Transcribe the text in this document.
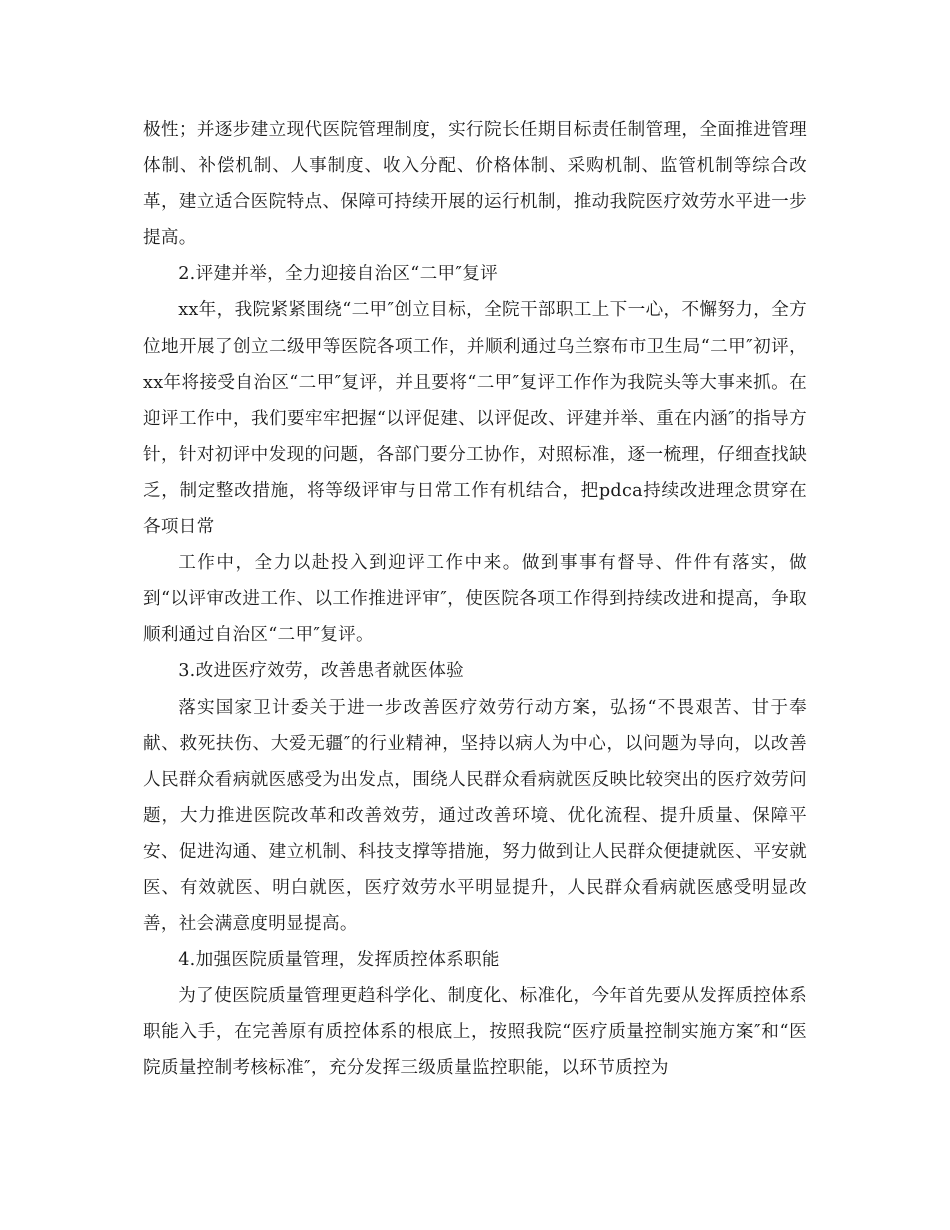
极性；并逐步建立现代医院管理制度，实行院长任期目标责任制管理，全面推进管理体制、补偿机制、人事制度、收入分配、价格体制、采购机制、监管机制等综合改革，建立适合医院特点、保障可持续开展的运行机制，推动我院医疗效劳水平进一步提高。

2.评建并举，全力迎接自治区“二甲″复评

xx年，我院紧紧围绕“二甲″创立目标，全院干部职工上下一心，不懈努力，全方位地开展了创立二级甲等医院各项工作，并顺利通过乌兰察布市卫生局“二甲″初评，xx年将接受自治区“二甲″复评，并且要将“二甲″复评工作作为我院头等大事来抓。在迎评工作中，我们要牢牢把握“以评促建、以评促改、评建并举、重在内涵″的指导方针，针对初评中发现的问题，各部门要分工协作，对照标准，逐一梳理，仔细查找缺乏，制定整改措施，将等级评审与日常工作有机结合，把pdca持续改进理念贯穿在各项日常

工作中，全力以赴投入到迎评工作中来。做到事事有督导、件件有落实，做到“以评审改进工作、以工作推进评审″，使医院各项工作得到持续改进和提高，争取顺利通过自治区“二甲″复评。

3.改进医疗效劳，改善患者就医体验

落实国家卫计委关于进一步改善医疗效劳行动方案，弘扬“不畏艰苦、甘于奉献、救死扶伤、大爱无疆″的行业精神，坚持以病人为中心，以问题为导向，以改善人民群众看病就医感受为出发点，围绕人民群众看病就医反映比较突出的医疗效劳问题，大力推进医院改革和改善效劳，通过改善环境、优化流程、提升质量、保障平安、促进沟通、建立机制、科技支撑等措施，努力做到让人民群众便捷就医、平安就医、有效就医、明白就医，医疗效劳水平明显提升，人民群众看病就医感受明显改善，社会满意度明显提高。

4.加强医院质量管理，发挥质控体系职能

为了使医院质量管理更趋科学化、制度化、标准化，今年首先要从发挥质控体系职能入手，在完善原有质控体系的根底上，按照我院“医疗质量控制实施方案″和“医院质量控制考核标准″，充分发挥三级质量监控职能，以环节质控为
